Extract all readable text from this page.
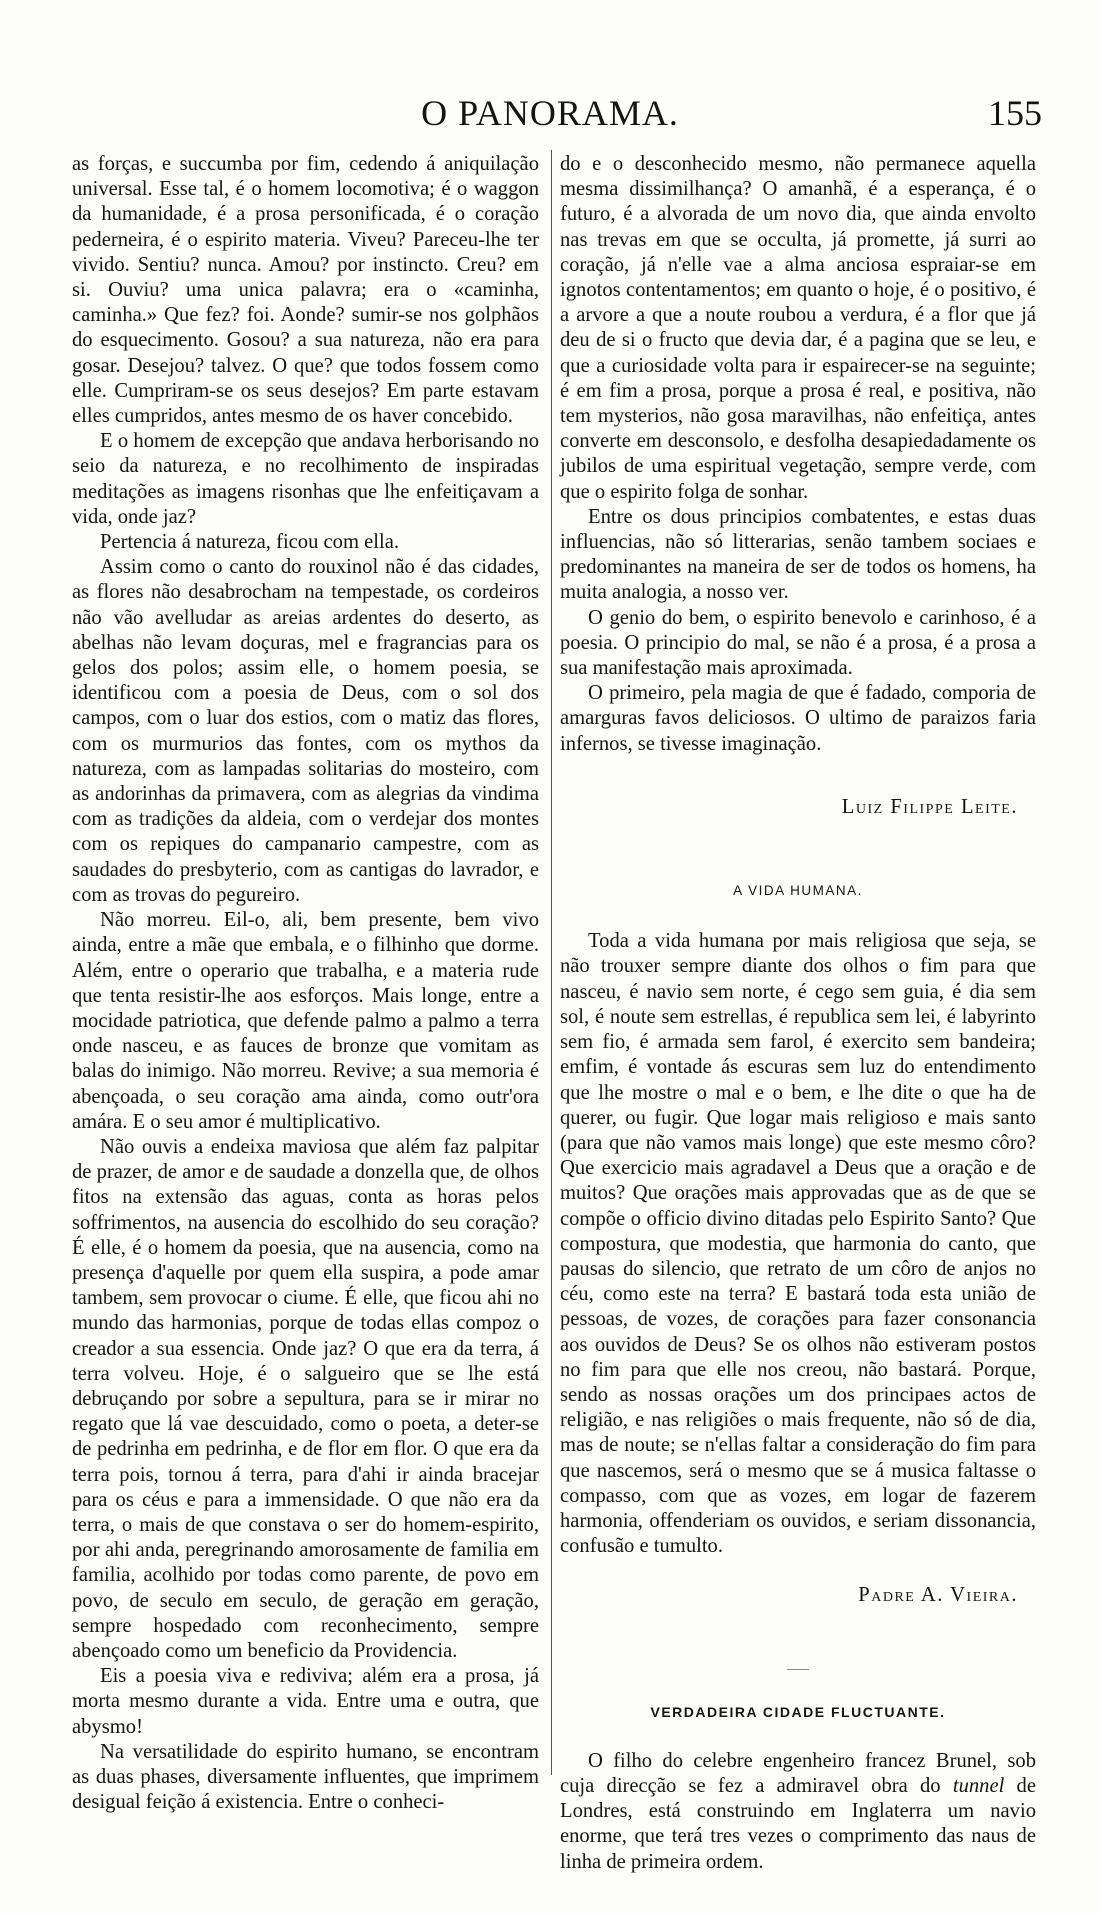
O PANORAMA.	155

as forças, e succumba por fim, cedendo á aniquilação universal. Esse tal, é o homem locomotiva; é o waggon da humanidade, é a prosa personificada, é o coração pederneira, é o espirito materia. Viveu? Pareceu-lhe ter vivido. Sentiu? nunca. Amou? por instincto. Creu? em si. Ouviu? uma unica palavra; era o «caminha, caminha.» Que fez? foi. Aonde? sumir-se nos golphãos do esquecimento. Gosou? a sua natureza, não era para gosar. Desejou? talvez. O que? que todos fossem como elle. Cumpriram-se os seus desejos? Em parte estavam elles cumpridos, antes mesmo de os haver concebido.

E o homem de excepção que andava herborisando no seio da natureza, e no recolhimento de inspiradas meditações as imagens risonhas que lhe enfeitiçavam a vida, onde jaz?

Pertencia á natureza, ficou com ella.

Assim como o canto do rouxinol não é das cidades, as flores não desabrocham na tempestade, os cordeiros não vão avelludar as areias ardentes do deserto, as abelhas não levam doçuras, mel e fragrancias para os gelos dos polos; assim elle, o homem poesia, se identificou com a poesia de Deus, com o sol dos campos, com o luar dos estios, com o matiz das flores, com os murmurios das fontes, com os mythos da natureza, com as lampadas solitarias do mosteiro, com as andorinhas da primavera, com as alegrias da vindima com as tradições da aldeia, com o verdejar dos montes com os repiques do campanario campestre, com as saudades do presbyterio, com as cantigas do lavrador, e com as trovas do pegureiro.

Não morreu. Eil-o, ali, bem presente, bem vivo ainda, entre a mãe que embala, e o filhinho que dorme. Além, entre o operario que trabalha, e a materia rude que tenta resistir-lhe aos esforços. Mais longe, entre a mocidade patriotica, que defende palmo a palmo a terra onde nasceu, e as fauces de bronze que vomitam as balas do inimigo. Não morreu. Revive; a sua memoria é abençoada, o seu coração ama ainda, como outr'ora amára. E o seu amor é multiplicativo.

Não ouvis a endeixa maviosa que além faz palpitar de prazer, de amor e de saudade a donzella que, de olhos fitos na extensão das aguas, conta as horas pelos soffrimentos, na ausencia do escolhido do seu coração? É elle, é o homem da poesia, que na ausencia, como na presença d'aquelle por quem ella suspira, a pode amar tambem, sem provocar o ciume. É elle, que ficou ahi no mundo das harmonias, porque de todas ellas compoz o creador a sua essencia. Onde jaz? O que era da terra, á terra volveu. Hoje, é o salgueiro que se lhe está debruçando por sobre a sepultura, para se ir mirar no regato que lá vae descuidado, como o poeta, a deter-se de pedrinha em pedrinha, e de flor em flor. O que era da terra pois, tornou á terra, para d'ahi ir ainda bracejar para os céus e para a immensidade. O que não era da terra, o mais de que constava o ser do homem-espirito, por ahi anda, peregrinando amorosamente de familia em familia, acolhido por todas como parente, de povo em povo, de seculo em seculo, de geração em geração, sempre hospedado com reconhecimento, sempre abençoado como um beneficio da Providencia.

Eis a poesia viva e rediviva; além era a prosa, já morta mesmo durante a vida. Entre uma e outra, que abysmo!

Na versatilidade do espirito humano, se encontram as duas phases, diversamente influentes, que imprimem desigual feição á existencia. Entre o conheci-

do e o desconhecido mesmo, não permanece aquella mesma dissimilhança? O amanhã, é a esperança, é o futuro, é a alvorada de um novo dia, que ainda envolto nas trevas em que se occulta, já promette, já surri ao coração, já n'elle vae a alma anciosa espraiar-se em ignotos contentamentos; em quanto o hoje, é o positivo, é a arvore a que a noute roubou a verdura, é a flor que já deu de si o fructo que devia dar, é a pagina que se leu, e que a curiosidade volta para ir espairecer-se na seguinte; é em fim a prosa, porque a prosa é real, e positiva, não tem mysterios, não gosa maravilhas, não enfeitiça, antes converte em desconsolo, e desfolha desapiedadamente os jubilos de uma espiritual vegetação, sempre verde, com que o espirito folga de sonhar.

Entre os dous principios combatentes, e estas duas influencias, não só litterarias, senão tambem sociaes e predominantes na maneira de ser de todos os homens, ha muita analogia, a nosso ver.

O genio do bem, o espirito benevolo e carinhoso, é a poesia. O principio do mal, se não é a prosa, é a prosa a sua manifestação mais aproximada.

O primeiro, pela magia de que é fadado, comporia de amarguras favos deliciosos. O ultimo de paraizos faria infernos, se tivesse imaginação.

Luiz Filippe Leite.

A VIDA HUMANA.

Toda a vida humana por mais religiosa que seja, se não trouxer sempre diante dos olhos o fim para que nasceu, é navio sem norte, é cego sem guia, é dia sem sol, é noute sem estrellas, é republica sem lei, é labyrinto sem fio, é armada sem farol, é exercito sem bandeira; emfim, é vontade ás escuras sem luz do entendimento que lhe mostre o mal e o bem, e lhe dite o que ha de querer, ou fugir. Que logar mais religioso e mais santo (para que não vamos mais longe) que este mesmo côro? Que exercicio mais agradavel a Deus que a oração e de muitos? Que orações mais approvadas que as de que se compõe o officio divino ditadas pelo Espirito Santo? Que compostura, que modestia, que harmonia do canto, que pausas do silencio, que retrato de um côro de anjos no céu, como este na terra? E bastará toda esta união de pessoas, de vozes, de corações para fazer consonancia aos ouvidos de Deus? Se os olhos não estiveram postos no fim para que elle nos creou, não bastará. Porque, sendo as nossas orações um dos principaes actos de religião, e nas religiões o mais frequente, não só de dia, mas de noute; se n'ellas faltar a consideração do fim para que nascemos, será o mesmo que se á musica faltasse o compasso, com que as vozes, em logar de fazerem harmonia, offenderiam os ouvidos, e seriam dissonancia, confusão e tumulto.

Padre A. Vieira.

VERDADEIRA CIDADE FLUCTUANTE.

O filho do celebre engenheiro francez Brunel, sob cuja direcção se fez a admiravel obra do tunnel de Londres, está construindo em Inglaterra um navio enorme, que terá tres vezes o comprimento das naus de linha de primeira ordem.
